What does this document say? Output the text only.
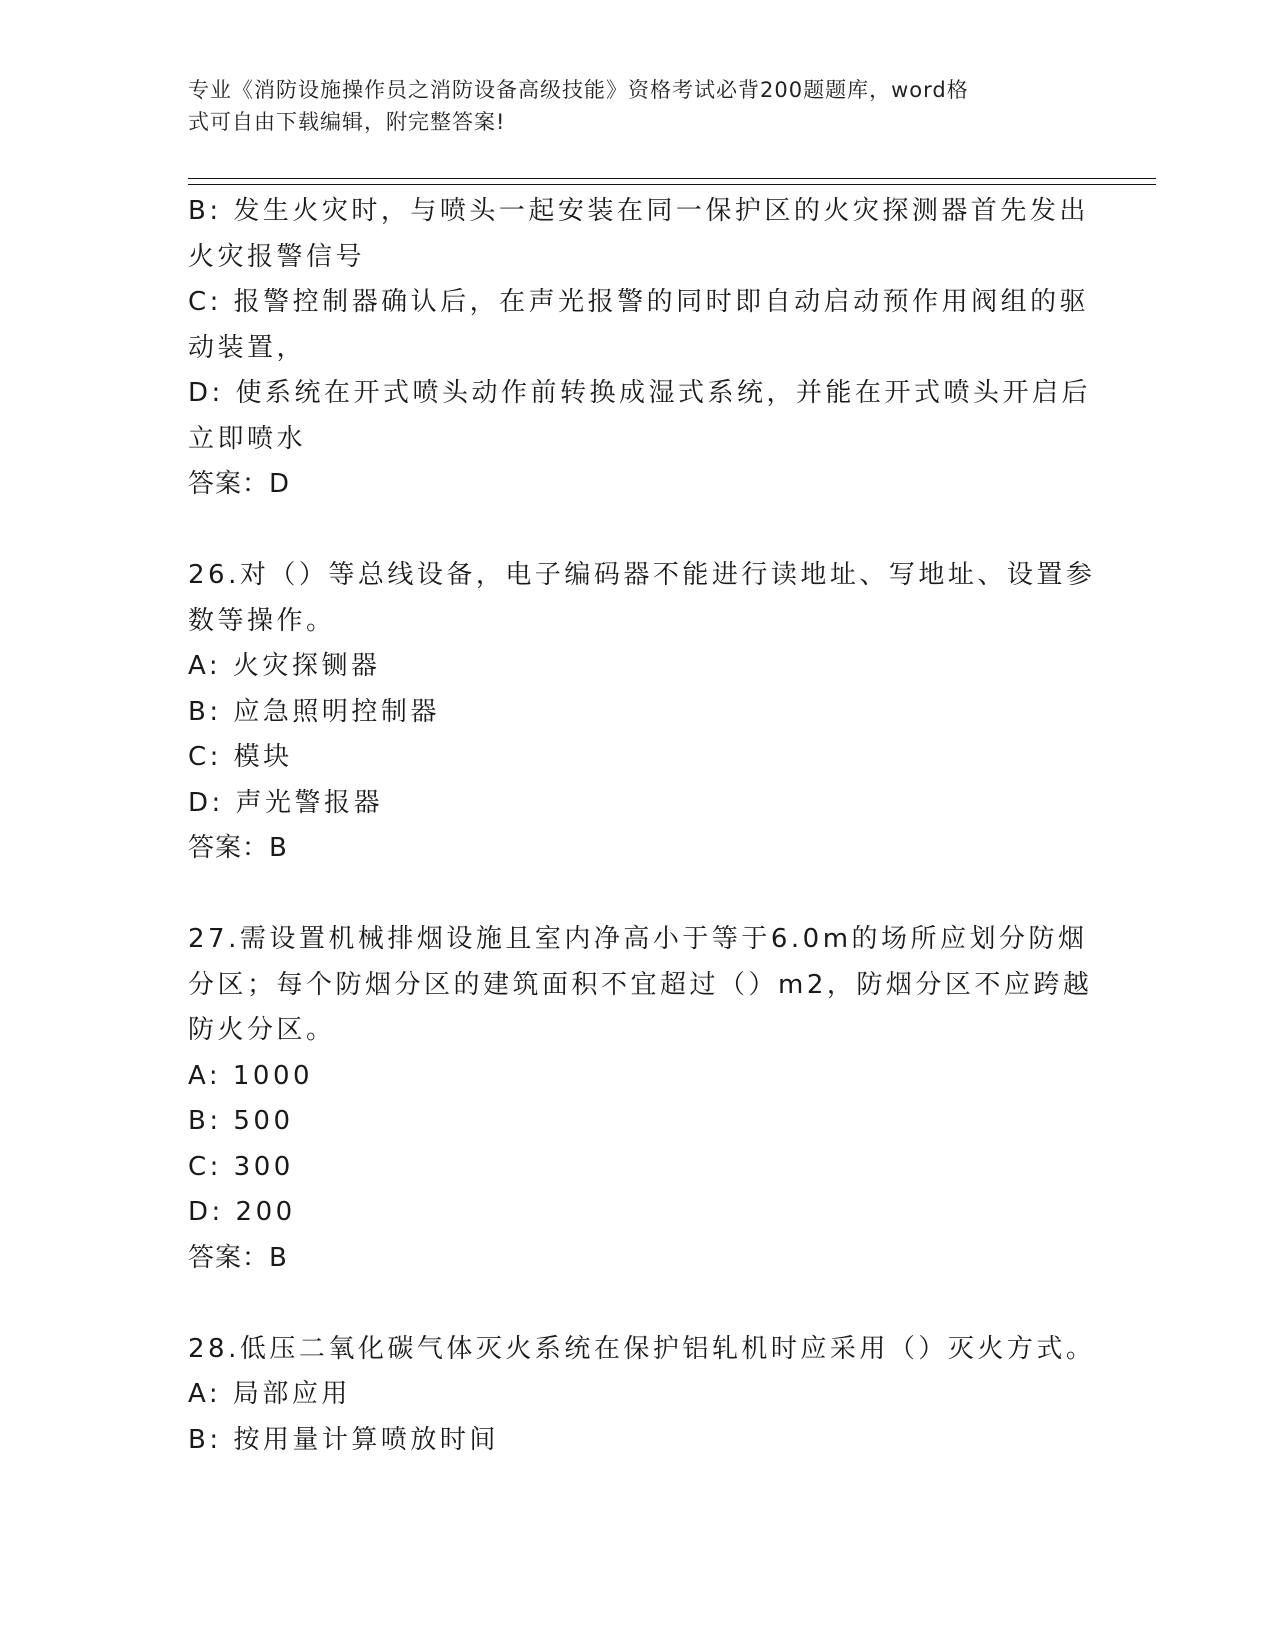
专业《消防设施操作员之消防设备高级技能》资格考试必背200题题库，word格
式可自由下载编辑，附完整答案!
B: 发生火灾时，与喷头一起安装在同一保护区的火灾探测器首先发出
火灾报警信号
C: 报警控制器确认后，在声光报警的同时即自动启动预作用阀组的驱
动装置，
D: 使系统在开式喷头动作前转换成湿式系统，并能在开式喷头开启后
立即喷水
答案：D
26.对（）等总线设备，电子编码器不能进行读地址、写地址、设置参
数等操作。
A: 火灾探铡器
B: 应急照明控制器
C: 模块
D: 声光警报器
答案：B
27.需设置机械排烟设施且室内净高小于等于6.0m的场所应划分防烟
分区；每个防烟分区的建筑面积不宜超过（）m2，防烟分区不应跨越
防火分区。
A: 1000
B: 500
C: 300
D: 200
答案：B
28.低压二氧化碳气体灭火系统在保护铝轧机时应采用（）灭火方式。
A: 局部应用
B: 按用量计算喷放时间
